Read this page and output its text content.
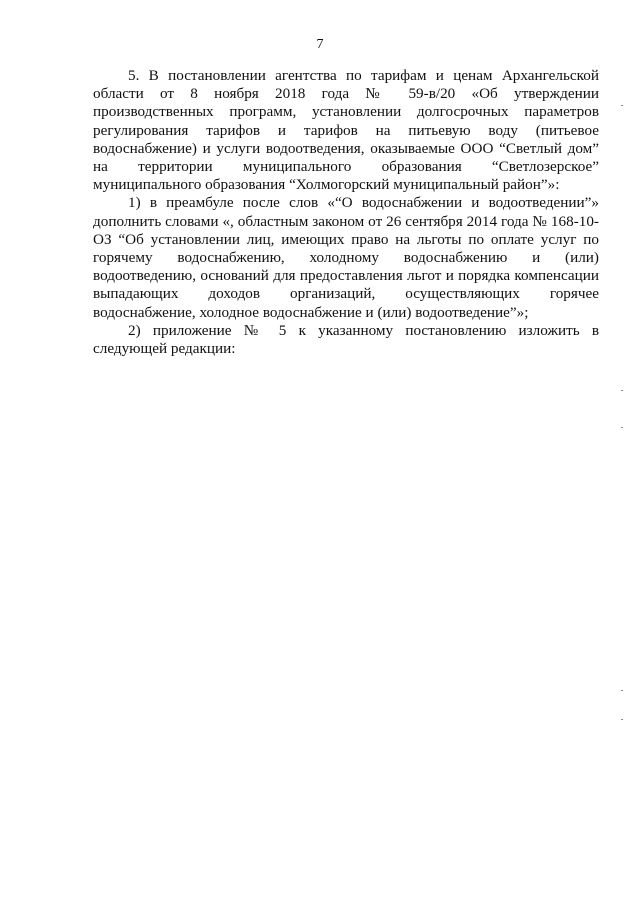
7

5. В постановлении агентства по тарифам и ценам Архангельской области от 8 ноября 2018 года № 59-в/20 «Об утверждении производственных программ, установлении долгосрочных параметров регулирования тарифов и тарифов на питьевую воду (питьевое водоснабжение) и услуги водоотведения, оказываемые ООО “Светлый дом” на территории муниципального образования “Светлозерское” муниципального образования “Холмогорский муниципальный район”»:

1) в преамбуле после слов «“О водоснабжении и водоотведении”» дополнить словами «, областным законом от 26 сентября 2014 года № 168-10-ОЗ “Об установлении лиц, имеющих право на льготы по оплате услуг по горячему водоснабжению, холодному водоснабжению и (или) водоотведению, оснований для предоставления льгот и порядка компенсации выпадающих доходов организаций, осуществляющих горячее водоснабжение, холодное водоснабжение и (или) водоотведение”»;

2) приложение № 5 к указанному постановлению изложить в следующей редакции:
